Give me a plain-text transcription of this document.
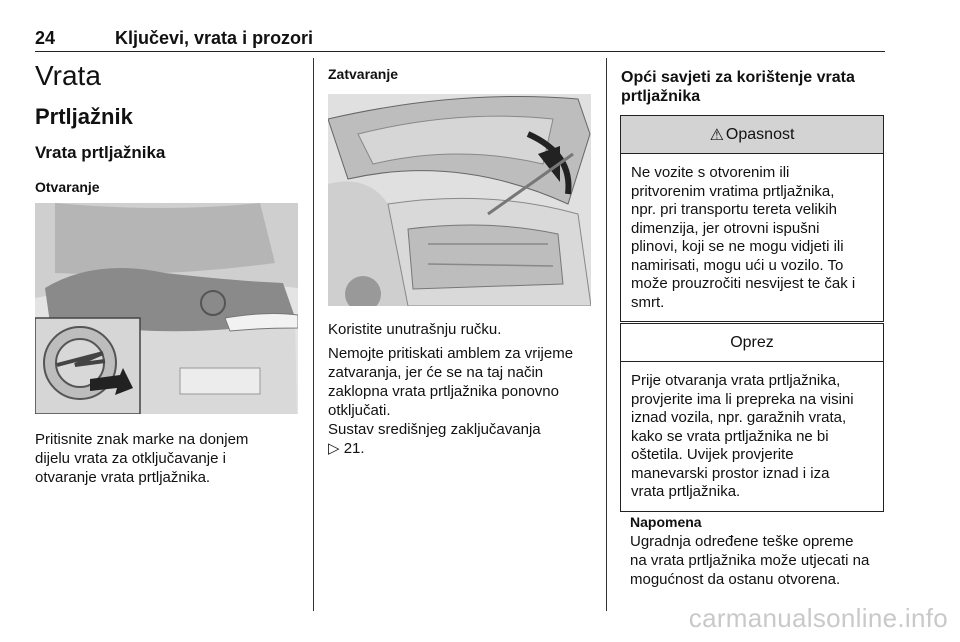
24	Ključevi, vrata i prozori
Vrata
Prtljažnik
Vrata prtljažnika
Otvaranje
Pritisnite znak marke na donjem
dijelu vrata za otključavanje i
otvaranje vrata prtljažnika.
Zatvaranje
Koristite unutrašnju ručku.
Nemojte pritiskati amblem za vrijeme
zatvaranja, jer će se na taj način
zaklopna vrata prtljažnika ponovno
otključati.
Sustav središnjeg zaključavanja
▷ 21.
Opći savjeti za korištenje vrata
prtljažnika
⚠ Opasnost
Ne vozite s otvorenim ili
pritvorenim vratima prtljažnika,
npr. pri transportu tereta velikih
dimenzija, jer otrovni ispušni
plinovi, koji se ne mogu vidjeti ili
namirisati, mogu ući u vozilo. To
može prouzročiti nesvijest te čak i
smrt.
Oprez
Prije otvaranja vrata prtljažnika,
provjerite ima li prepreka na visini
iznad vozila, npr. garažnih vrata,
kako se vrata prtljažnika ne bi
oštetila. Uvijek provjerite
manevarski prostor iznad i iza
vrata prtljažnika.
Napomena
Ugradnja određene teške opreme
na vrata prtljažnika može utjecati na
mogućnost da ostanu otvorena.
carmanualsonline.info
